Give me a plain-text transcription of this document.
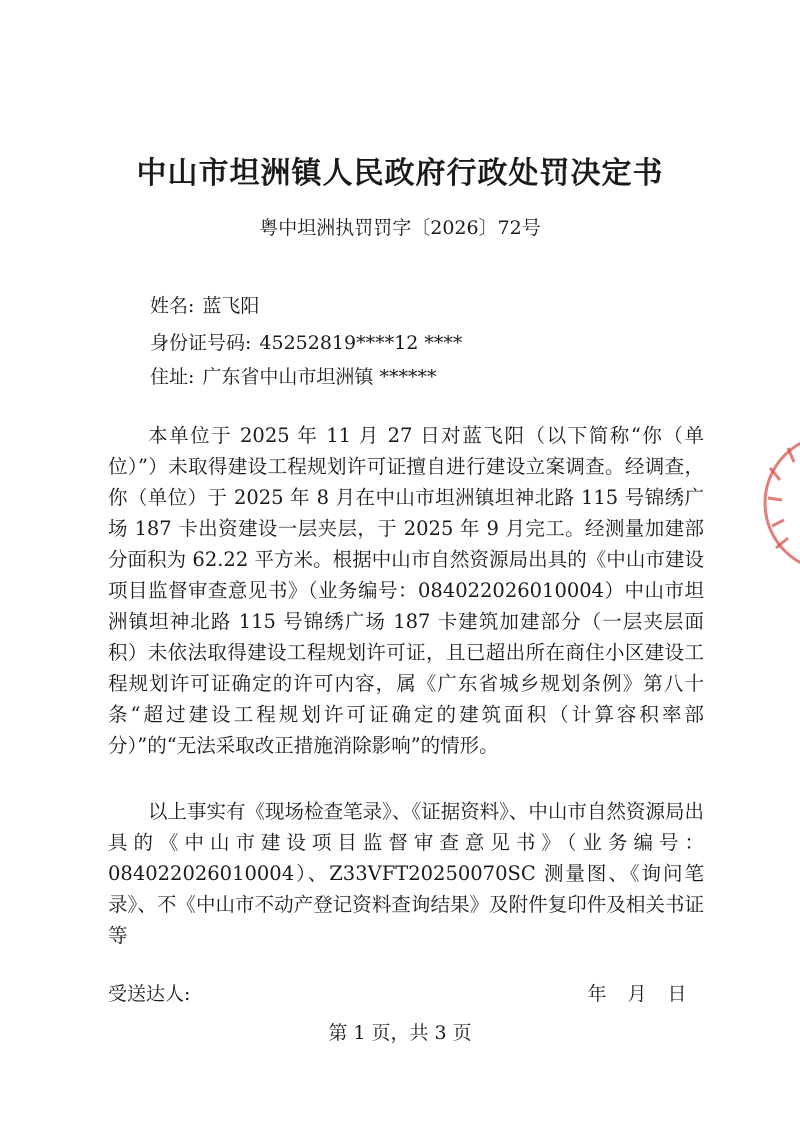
中山市坦洲镇人民政府行政处罚决定书
粤中坦洲执罚罚字〔2026〕72号
姓名: 蓝飞阳
身份证号码: 45252819****12 ****
住址: 广东省中山市坦洲镇 ******

本单位于 2025 年 11 月 27 日对蓝飞阳（以下简称“你（单位）”）未取得建设工程规划许可证擅自进行建设立案调查。经调查，你（单位）于 2025 年 8 月在中山市坦洲镇坦神北路 115 号锦绣广场 187 卡出资建设一层夹层，于 2025 年 9 月完工。经测量加建部分面积为 62.22 平方米。根据中山市自然资源局出具的《中山市建设项目监督审查意见书》（业务编号：084022026010004）中山市坦洲镇坦神北路 115 号锦绣广场 187 卡建筑加建部分（一层夹层面积）未依法取得建设工程规划许可证，且已超出所在商住小区建设工程规划许可证确定的许可内容，属《广东省城乡规划条例》第八十条“超过建设工程规划许可证确定的建筑面积（计算容积率部分）”的“无法采取改正措施消除影响”的情形。

以上事实有《现场检查笔录》、《证据资料》、中山市自然资源局出具的《中山市建设项目监督审查意见书》（业务编号：084022026010004）、Z33VFT20250070SC 测量图、《询问笔录》、不《中山市不动产登记资料查询结果》及附件复印件及相关书证等

受送达人:	年 月 日
第 1 页，共 3 页
